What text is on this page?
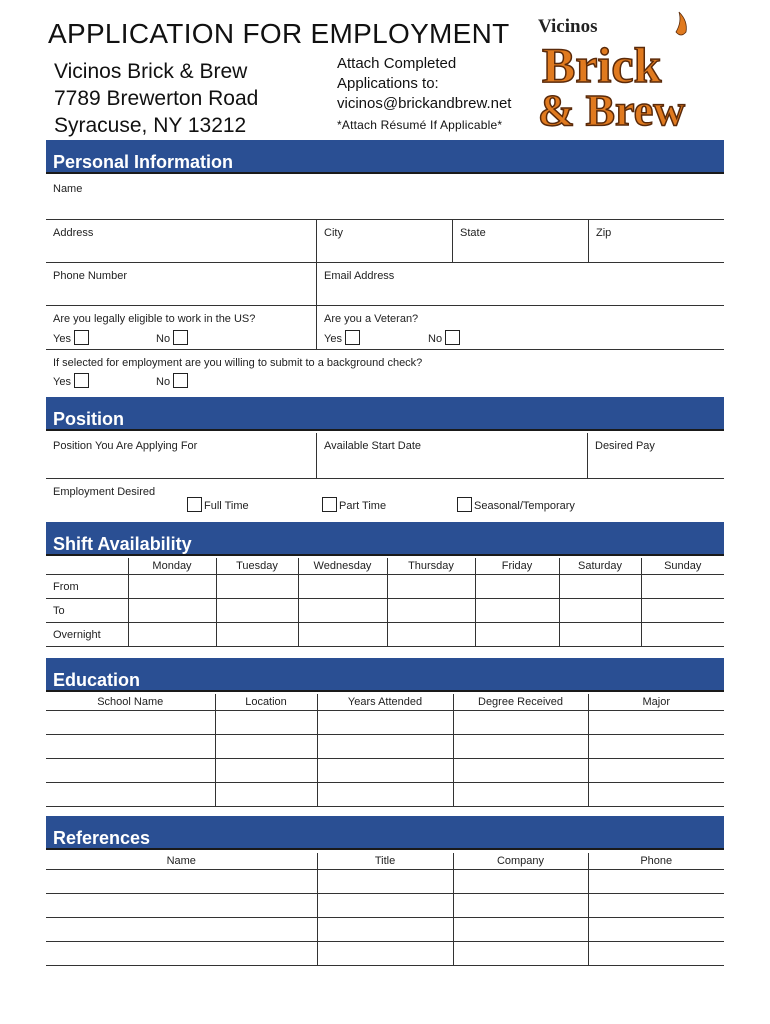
APPLICATION FOR EMPLOYMENT
Vicinos Brick & Brew
7789 Brewerton Road
Syracuse, NY 13212
Attach Completed
Applications to:
vicinos@brickandbrew.net
*Attach Résumé If Applicable*
Vicinos
Brick
& Brew
Personal Information
Name
Address	City	State	Zip
Phone Number	Email Address
Are you legally eligible to work in the US?
Yes	No
Are you a Veteran?
Yes	No
If selected for employment are you willing to submit to a background check?
Yes	No
Position
Position You Are Applying For	Available Start Date	Desired Pay
Employment Desired
Full Time	Part Time	Seasonal/Temporary
Shift Availability
	Monday	Tuesday	Wednesday	Thursday	Friday	Saturday	Sunday
From							
To							
Overnight							
Education
School Name	Location	Years Attended	Degree Received	Major

References
Name	Title	Company	Phone
